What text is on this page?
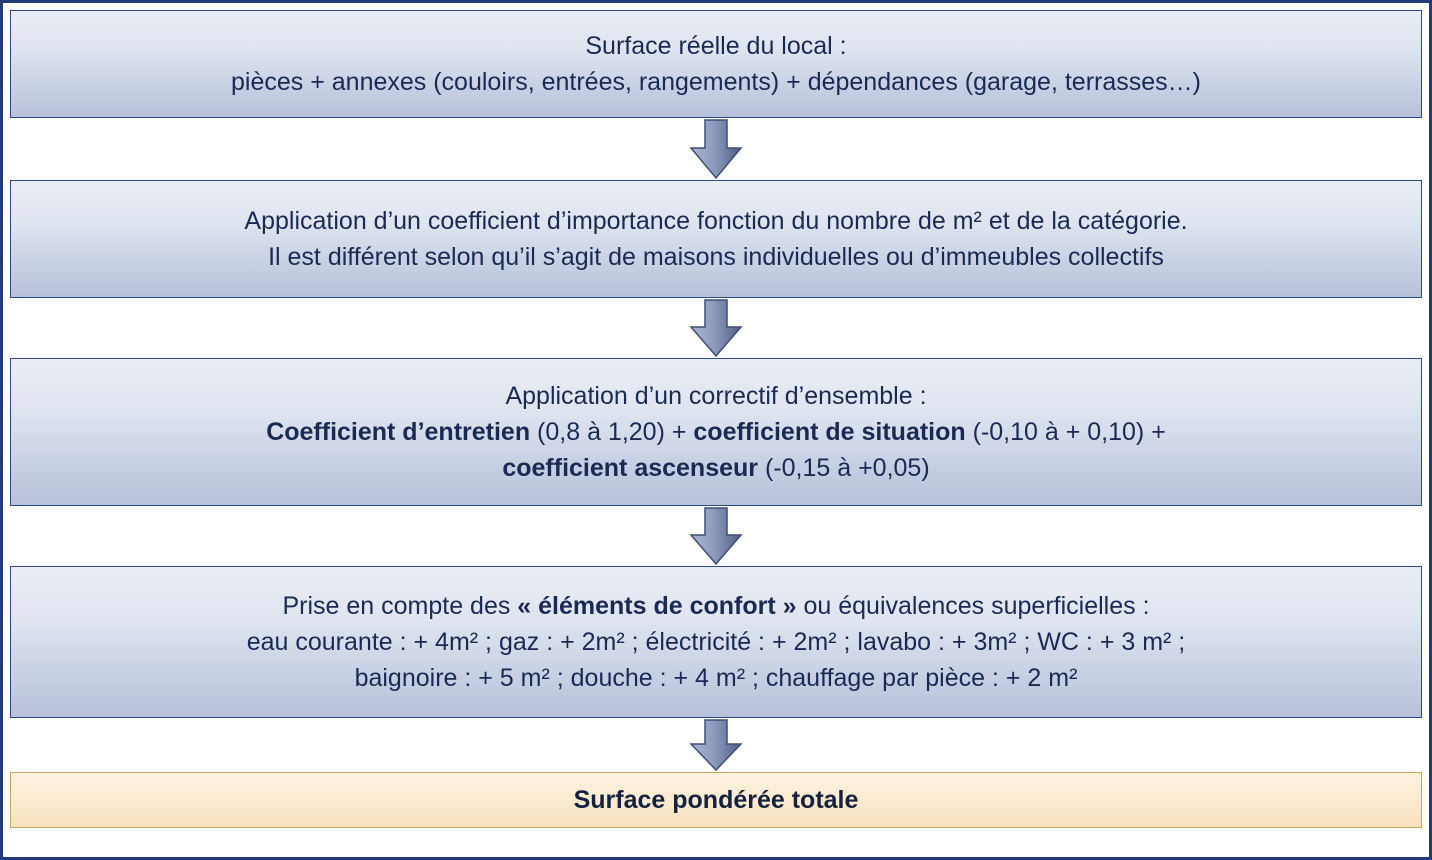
Surface réelle du local :
pièces + annexes (couloirs, entrées, rangements) + dépendances (garage, terrasses…)
Application d’un coefficient d’importance fonction du nombre de m² et de la catégorie.
Il est différent selon qu’il s’agit de maisons individuelles ou d’immeubles collectifs
Application d’un correctif d’ensemble :
Coefficient d’entretien (0,8 à 1,20) + coefficient de situation (-0,10 à + 0,10) +
coefficient ascenseur (-0,15 à +0,05)
Prise en compte des « éléments de confort » ou équivalences superficielles :
eau courante : + 4m² ; gaz : + 2m² ; électricité : + 2m² ; lavabo : + 3m² ; WC : + 3 m² ;
baignoire : + 5 m² ; douche : + 4 m² ; chauffage par pièce : + 2 m²
Surface pondérée totale
